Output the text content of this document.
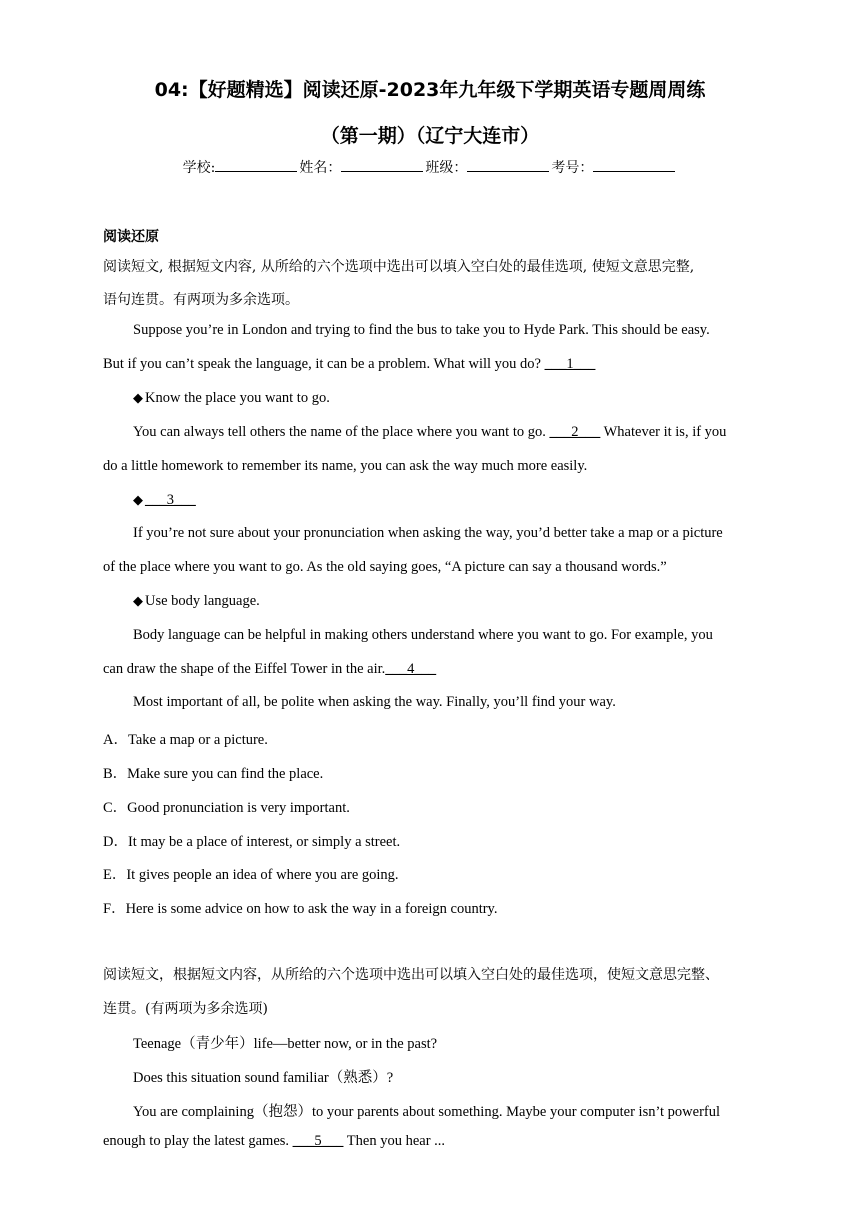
04:【好题精选】阅读还原-2023年九年级下学期英语专题周周练
（第一期）（辽宁大连市）
学校:	姓名：	班级：	考号：
阅读还原
阅读短文, 根据短文内容, 从所给的六个选项中选出可以填入空白处的最佳选项, 使短文意思完整,
语句连贯。有两项为多余选项。
Suppose you’re in London and trying to find the bus to take you to Hyde Park. This should be easy.
But if you can’t speak the language, it can be a problem. What will you do? ___1___
◆ Know the place you want to go.
You can always tell others the name of the place where you want to go. ___2___ Whatever it is, if you
do a little homework to remember its name, you can ask the way much more easily.
◆ ___3___
If you’re not sure about your pronunciation when asking the way, you’d better take a map or a picture
of the place where you want to go. As the old saying goes, “A picture can say a thousand words.”
◆ Use body language.
Body language can be helpful in making others understand where you want to go. For example, you
can draw the shape of the Eiffel Tower in the air.___4___
Most important of all, be polite when asking the way. Finally, you’ll find your way.
A．Take a map or a picture.
B．Make sure you can find the place.
C．Good pronunciation is very important.
D．It may be a place of interest, or simply a street.
E．It gives people an idea of where you are going.
F．Here is some advice on how to ask the way in a foreign country.
阅读短文，根据短文内容，从所给的六个选项中选出可以填入空白处的最佳选项，使短文意思完整、
连贯。(有两项为多余选项)
Teenage（青少年）life—better now, or in the past?
Does this situation sound familiar（熟悉）?
You are complaining（抱怨）to your parents about something. Maybe your computer isn’t powerful
enough to play the latest games. ___5___ Then you hear ...
